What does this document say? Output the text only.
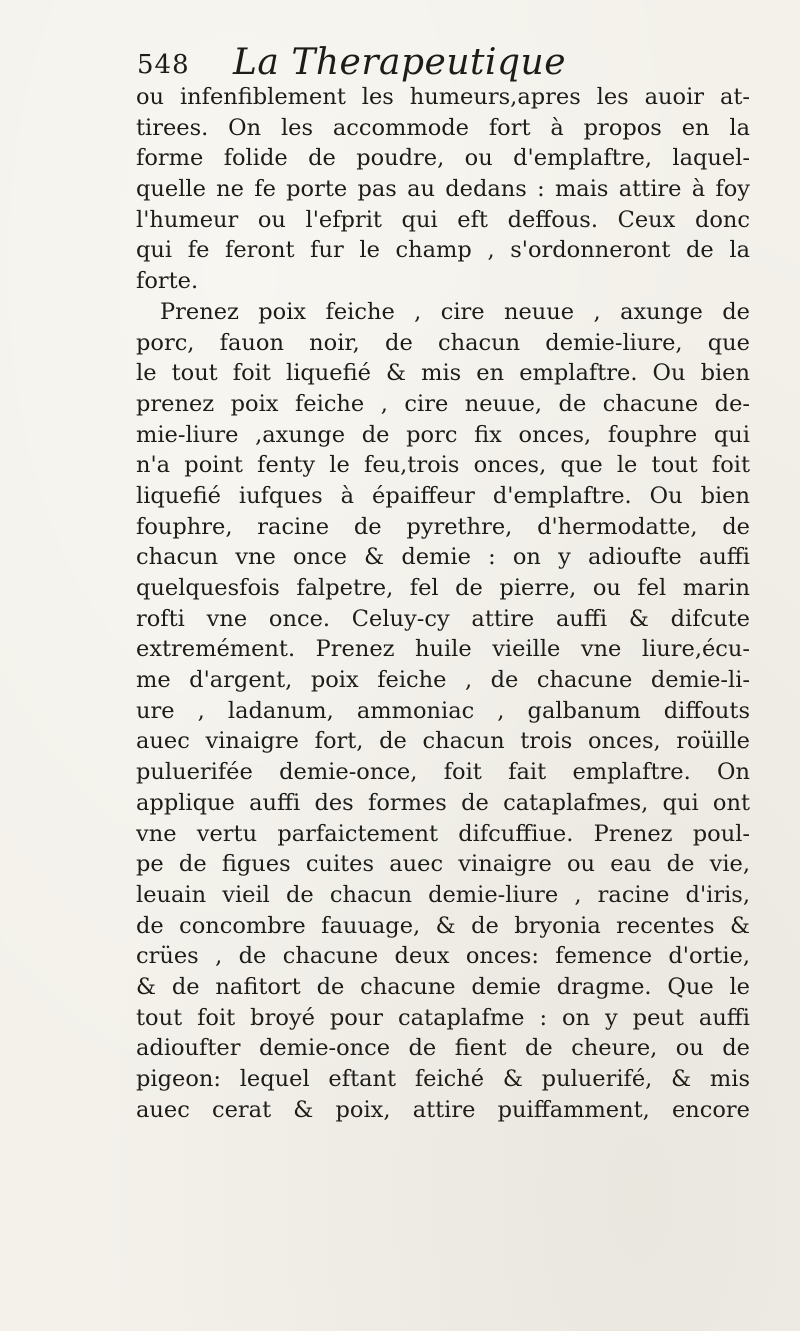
548 La Therapeutique
ou infenfiblement les humeurs,apres les auoir at-
tirees. On les accommode fort à propos en la
forme folide de poudre, ou d'emplaftre, laquel-
quelle ne fe porte pas au dedans : mais attire à foy
l'humeur ou l'efprit qui eft deffous. Ceux donc
qui fe feront fur le champ , s'ordonneront de la
forte.
Prenez poix feiche , cire neuue , axunge de
porc, fauon noir, de chacun demie-liure, que
le tout foit liquefié & mis en emplaftre. Ou bien
prenez poix feiche , cire neuue, de chacune de-
mie-liure ,axunge de porc fix onces, fouphre qui
n'a point fenty le feu,trois onces, que le tout foit
liquefié iufques à épaiffeur d'emplaftre. Ou bien
fouphre, racine de pyrethre, d'hermodatte, de
chacun vne once & demie : on y adioufte auffi
quelquesfois falpetre, fel de pierre, ou fel marin
rofti vne once. Celuy-cy attire auffi & difcute
extremément. Prenez huile vieille vne liure,écu-
me d'argent, poix feiche , de chacune demie-li-
ure , ladanum, ammoniac , galbanum diffouts
auec vinaigre fort, de chacun trois onces, roüille
puluerifée demie-once, foit fait emplaftre. On
applique auffi des formes de cataplafmes, qui ont
vne vertu parfaictement difcuffiue. Prenez poul-
pe de figues cuites auec vinaigre ou eau de vie,
leuain vieil de chacun demie-liure , racine d'iris,
de concombre fauuage, & de bryonia recentes &
crües , de chacune deux onces: femence d'ortie,
& de nafitort de chacune demie dragme. Que le
tout foit broyé pour cataplafme : on y peut auffi
adioufter demie-once de fient de cheure, ou de
pigeon: lequel eftant feiché & puluerifé, & mis
auec cerat & poix, attire puiffamment, encore
